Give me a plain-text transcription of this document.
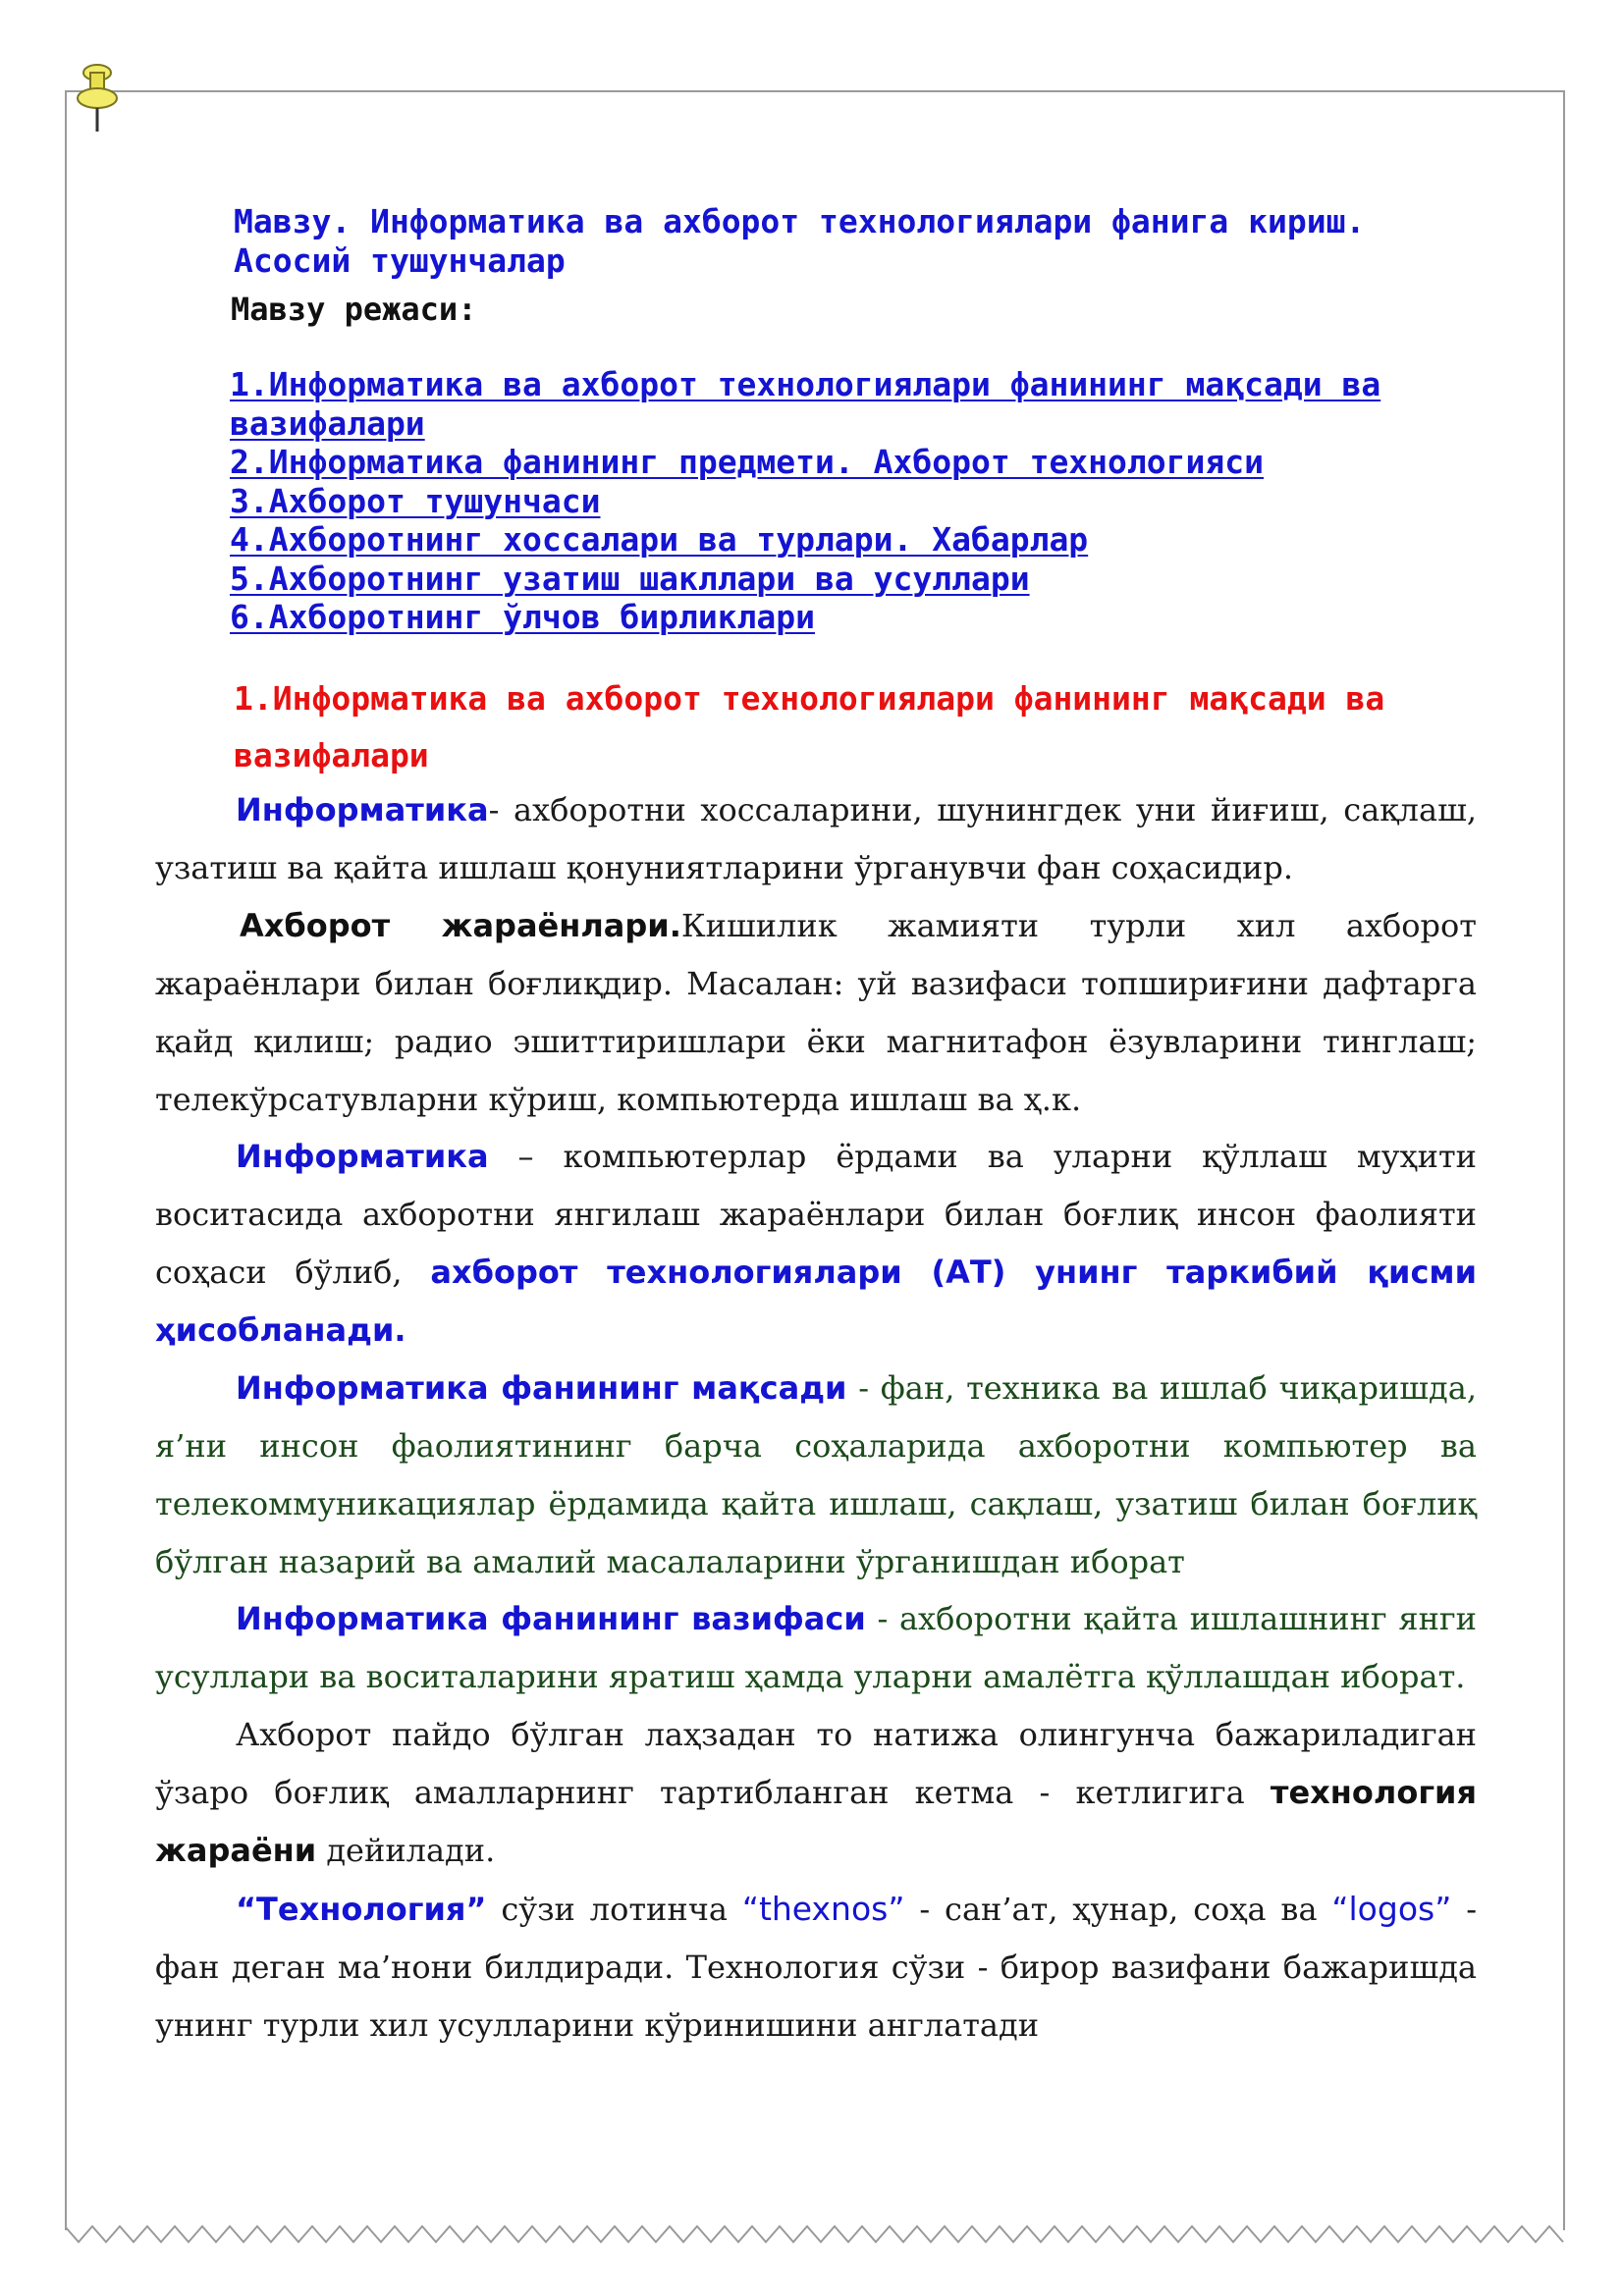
Мавзу. Информатика ва ахборот технологиялари фанига кириш. Асосий тушунчалар
Мавзу режаси:
1.Информатика ва ахборот технологиялари фанининг мақсади ва вазифалари
2.Информатика фанининг предмети. Ахборот технологияси
3.Ахборот тушунчаси
4.Ахборотнинг хоссалари ва турлари. Хабарлар
5.Ахборотнинг узатиш шакллари ва усуллари
6.Ахборотнинг ўлчов бирликлари
1.Информатика ва ахборот технологиялари фанининг мақсади ва вазифалари
Информатика- ахборотни хоссаларини, шунингдек уни йиғиш, сақлаш, узатиш ва қайта ишлаш қонуниятларини ўрганувчи фан соҳасидир.
Ахборот жараёнлари.Кишилик жамияти турли хил ахборот жараёнлари билан боғлиқдир. Масалан: уй вазифаси топшириғини дафтарга қайд қилиш; радио эшиттиришлари ёки магнитафон ёзувларини тинглаш; телекўрсатувларни кўриш, компьютерда ишлаш ва ҳ.к.
Информатика – компьютерлар ёрдами ва уларни қўллаш муҳити воситасида ахборотни янгилаш жараёнлари билан боғлиқ инсон фаолияти соҳаси бўлиб, ахборот технологиялари (АТ) унинг таркибий қисми ҳисобланади.
Информатика фанининг мақсади - фан, техника ва ишлаб чиқаришда, я’ни инсон фаолиятининг барча соҳаларида ахборотни компьютер ва телекоммуникациялар ёрдамида қайта ишлаш, сақлаш, узатиш билан боғлиқ бўлган назарий ва амалий масалаларини ўрганишдан иборат
Информатика фанининг вазифаси - ахборотни қайта ишлашнинг янги усуллари ва воситаларини яратиш ҳамда уларни амалётга қўллашдан иборат.
Ахборот пайдо бўлган лаҳзадан то натижа олингунча бажариладиган ўзаро боғлиқ амалларнинг тартибланган кетма - кетлигига технология жараёни дейилади.
“Технология” сўзи лотинча “thexnos” - сан’ат, ҳунар, соҳа ва “logos” - фан деган ма’нони билдиради. Технология сўзи - бирор вазифани бажаришда унинг турли хил усулларини кўринишини англатади
